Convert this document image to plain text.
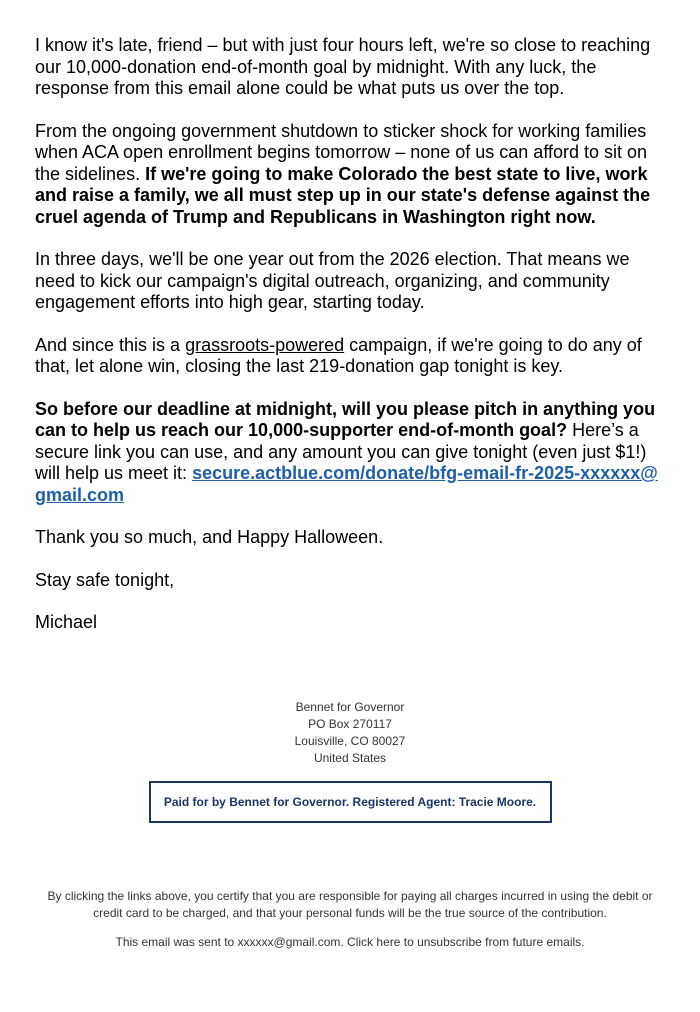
I know it's late, friend – but with just four hours left, we're so close to reaching our 10,000-donation end-of-month goal by midnight. With any luck, the response from this email alone could be what puts us over the top.

From the ongoing government shutdown to sticker shock for working families when ACA open enrollment begins tomorrow – none of us can afford to sit on the sidelines. If we're going to make Colorado the best state to live, work and raise a family, we all must step up in our state's defense against the cruel agenda of Trump and Republicans in Washington right now.

In three days, we'll be one year out from the 2026 election. That means we need to kick our campaign's digital outreach, organizing, and community engagement efforts into high gear, starting today.

And since this is a grassroots-powered campaign, if we're going to do any of that, let alone win, closing the last 219-donation gap tonight is key.

So before our deadline at midnight, will you please pitch in anything you can to help us reach our 10,000-supporter end-of-month goal? Here’s a secure link you can use, and any amount you can give tonight (even just $1!) will help us meet it: secure.actblue.com/donate/bfg-email-fr-2025-xxxxxx@gmail.com

Thank you so much, and Happy Halloween.

Stay safe tonight,

Michael

Bennet for Governor
PO Box 270117
Louisville, CO 80027
United States
Paid for by Bennet for Governor. Registered Agent: Tracie Moore.

By clicking the links above, you certify that you are responsible for paying all charges incurred in using the debit or credit card to be charged, and that your personal funds will be the true source of the contribution.

This email was sent to xxxxxx@gmail.com. Click here to unsubscribe from future emails.
